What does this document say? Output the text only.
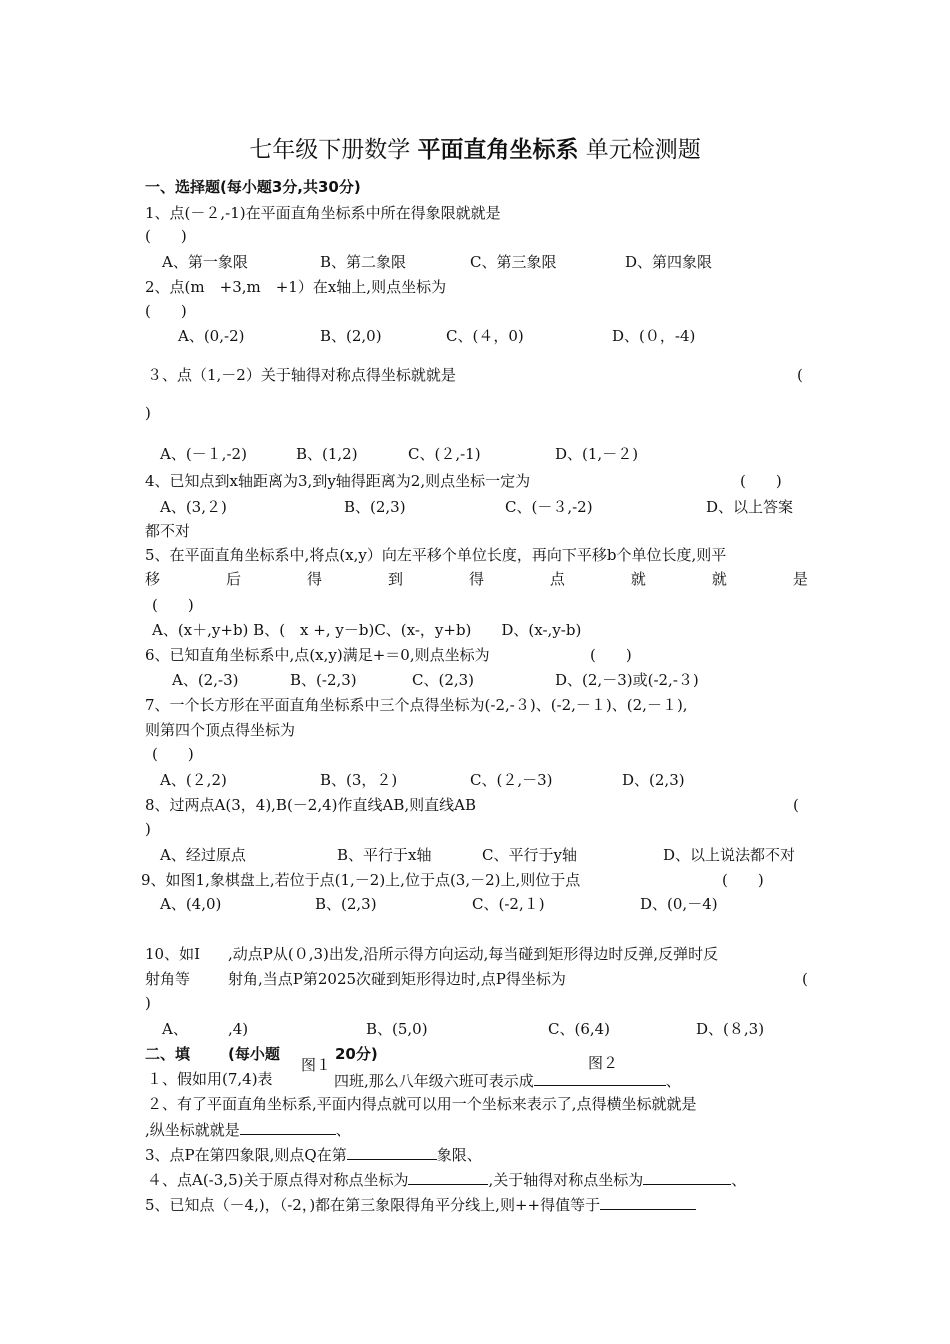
七年级下册数学 平面直角坐标系 单元检测题
一、选择题(每小题3分,共30分)
1、点(－２,-1)在平面直角坐标系中所在得象限就就是
(　　)
A、第一象限	B、第二象限	C、第三象限	D、第四象限
2、点(m　+3,m　+1）在x轴上,则点坐标为
(　　)
A、(0,-2)	B、(2,0)	C、(４，0)	D、(０，-4)
３、点（1,－2）关于轴得对称点得坐标就就是	(
)
A、(－１,-2)	B、(1,2)	C、(２,-1)	D、(1,－２)
4、已知点到x轴距离为3,到y轴得距离为2,则点坐标一定为	(　　)
A、(3,２)	B、(2,3)	C、(－３,-2)	D、以上答案
都不对
5、在平面直角坐标系中,将点(x,y）向左平移个单位长度，再向下平移b个单位长度,则平
移	后	得	到	得	点	就	就	是
(　　)
A、(x＋,y+b) B、(　x +, y－b)C、(x-，y+b)　　D、(x-,y-b)
6、已知直角坐标系中,点(x,y)满足+＝0,则点坐标为	(　　)
A、(2,-3)	B、(-2,3)	C、(2,3)	D、(2,－3)或(-2,-３)
7、一个长方形在平面直角坐标系中三个点得坐标为(-2,-３)、(-2,－１)、(2,－１),
则第四个顶点得坐标为
(　　)
A、(２,2)	B、(3，２)	C、(２,－3)	D、(2,3)
8、过两点A(3，4),B(－2,4)作直线AB,则直线AB	(
)
A、经过原点	B、平行于x轴	C、平行于y轴	D、以上说法都不对
9、如图1,象棋盘上,若位于点(1,－2)上,位于点(3,－2)上,则位于点	(　　)
A、(4,0)	B、(2,3)	C、(-2,１)	D、(0,－4)
10、如I ,动点P从(０,3)出发,沿所示得方向运动,每当碰到矩形得边时反弹,反弹时反
射角等	射角,当点P第2025次碰到矩形得边时,点P得坐标为	(
)
A、	,4)	B、(5,0)	C、(6,4)	D、(８,3)
二、填	(每小题	20分)
图１	图２
１、假如用(7,4)表	四班,那么八年级六班可表示成	、
２、有了平面直角坐标系,平面内得点就可以用一个坐标来表示了,点得横坐标就就是
,纵坐标就就是	、
3、点P在第四象限,则点Q在第	象限、
４、点A(-3,5)关于原点得对称点坐标为	,关于轴得对称点坐标为	、
5、已知点（－4,)，（-2，)都在第三象限得角平分线上,则++得值等于
